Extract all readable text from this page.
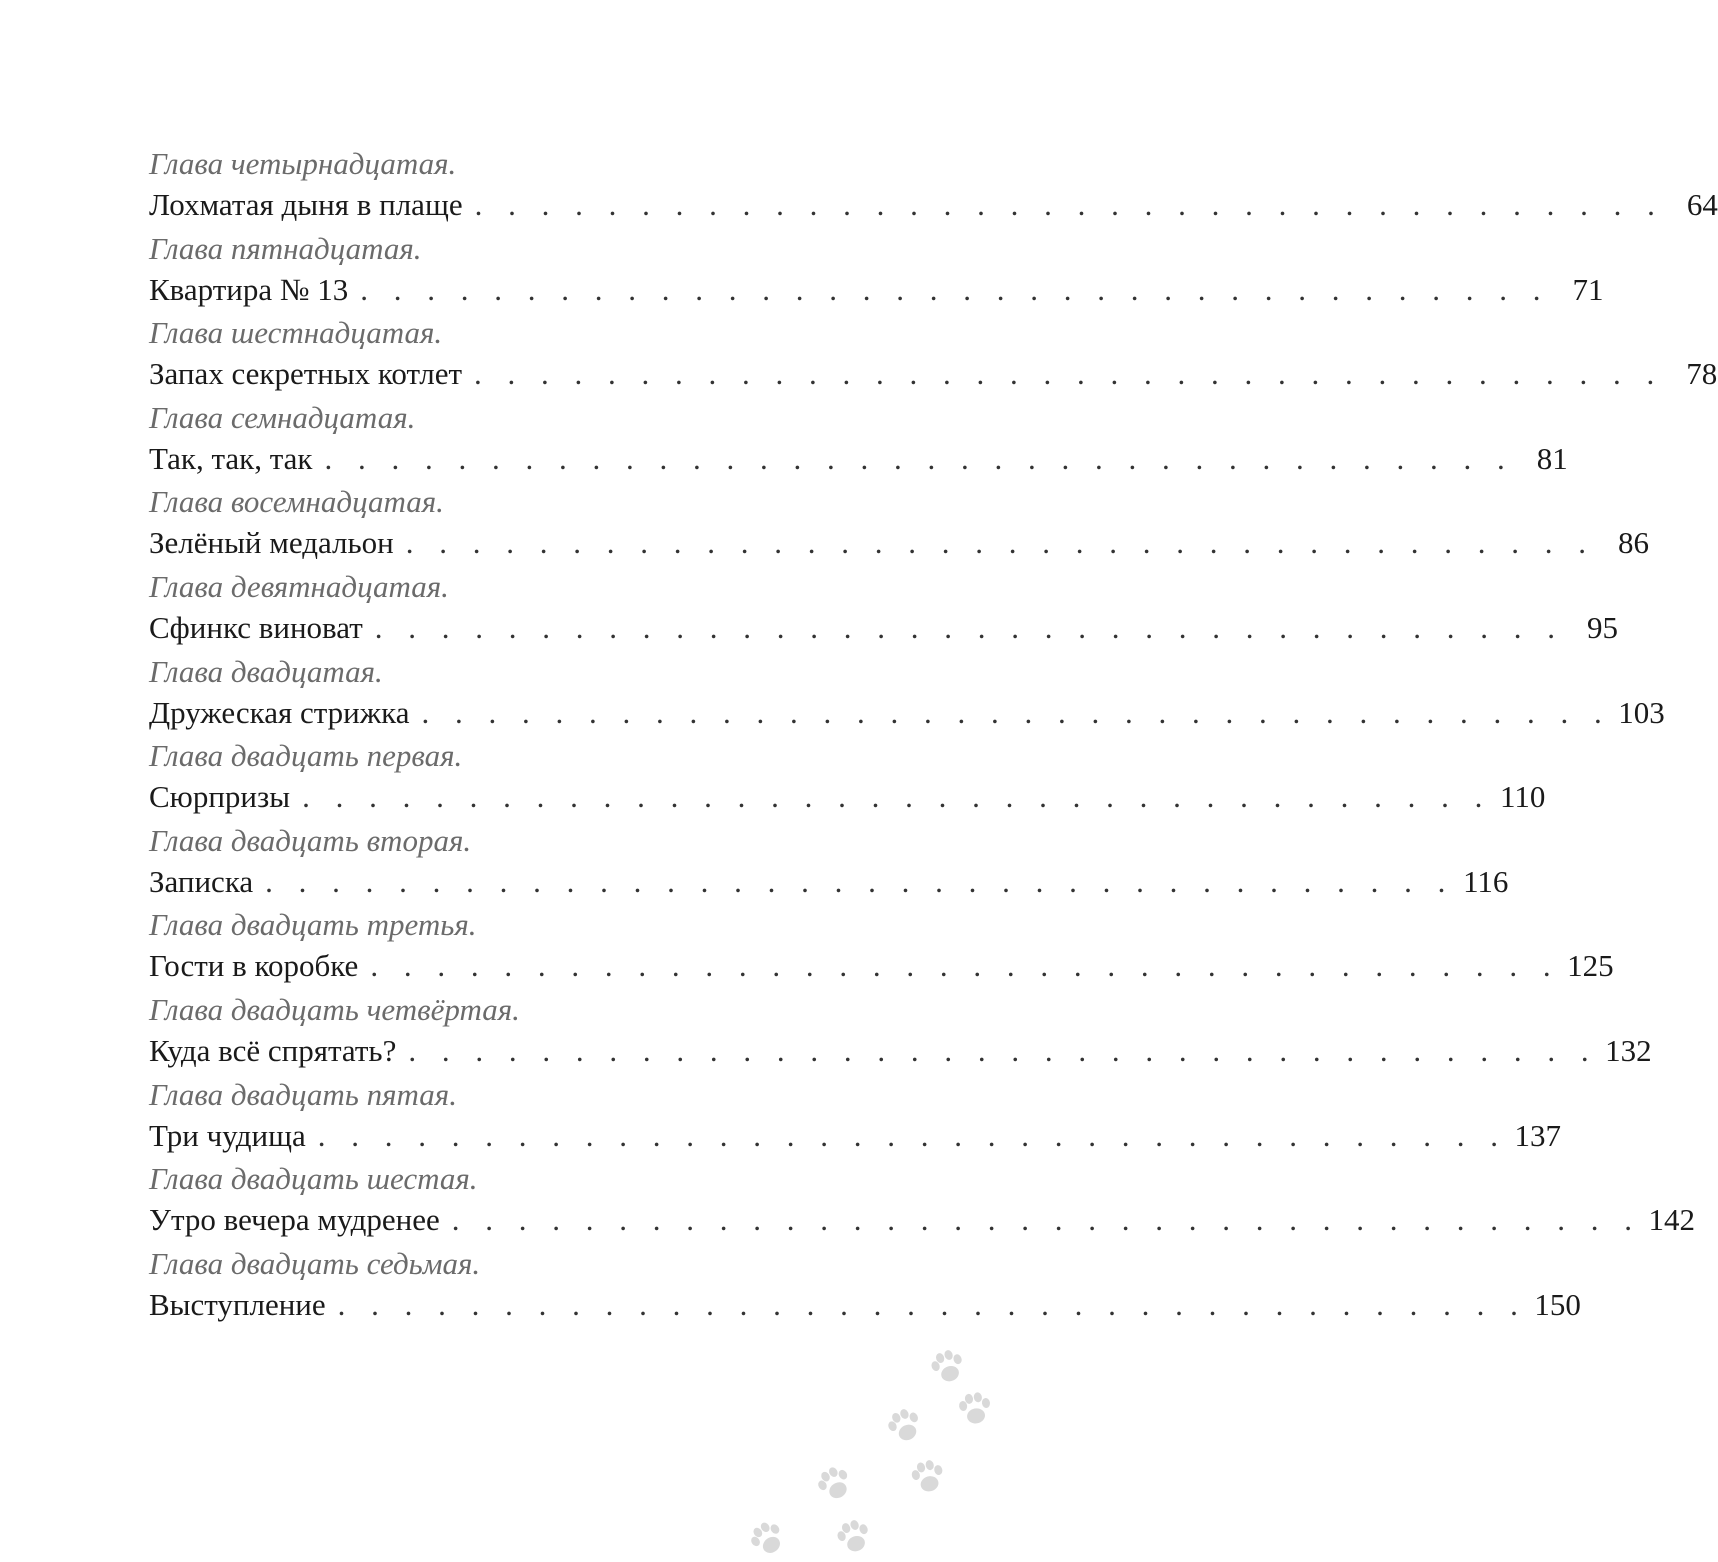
Глава четырнадцатая.
Лохматая дыня в плаще . . . . . . . . . . . . . . . . . . . . . . . . . . . . . . . . . . . . 64
Глава пятнадцатая.
Квартира № 13 . . . . . . . . . . . . . . . . . . . . . . . . . . . . . . . . . . . . 71
Глава шестнадцатая.
Запах секретных котлет . . . . . . . . . . . . . . . . . . . . . . . . . . . . . . . . . . . . 78
Глава семнадцатая.
Так, так, так . . . . . . . . . . . . . . . . . . . . . . . . . . . . . . . . . . . . 81
Глава восемнадцатая.
Зелёный медальон . . . . . . . . . . . . . . . . . . . . . . . . . . . . . . . . . . . . 86
Глава девятнадцатая.
Сфинкс виноват . . . . . . . . . . . . . . . . . . . . . . . . . . . . . . . . . . . . 95
Глава двадцатая.
Дружеская стрижка . . . . . . . . . . . . . . . . . . . . . . . . . . . . . . . . . . . . 103
Глава двадцать первая.
Сюрпризы . . . . . . . . . . . . . . . . . . . . . . . . . . . . . . . . . . . . 110
Глава двадцать вторая.
Записка . . . . . . . . . . . . . . . . . . . . . . . . . . . . . . . . . . . . 116
Глава двадцать третья.
Гости в коробке . . . . . . . . . . . . . . . . . . . . . . . . . . . . . . . . . . . . 125
Глава двадцать четвёртая.
Куда всё спрятать? . . . . . . . . . . . . . . . . . . . . . . . . . . . . . . . . . . . . 132
Глава двадцать пятая.
Три чудища . . . . . . . . . . . . . . . . . . . . . . . . . . . . . . . . . . . . 137
Глава двадцать шестая.
Утро вечера мудренее . . . . . . . . . . . . . . . . . . . . . . . . . . . . . . . . . . . . 142
Глава двадцать седьмая.
Выступление . . . . . . . . . . . . . . . . . . . . . . . . . . . . . . . . . . . . 150
